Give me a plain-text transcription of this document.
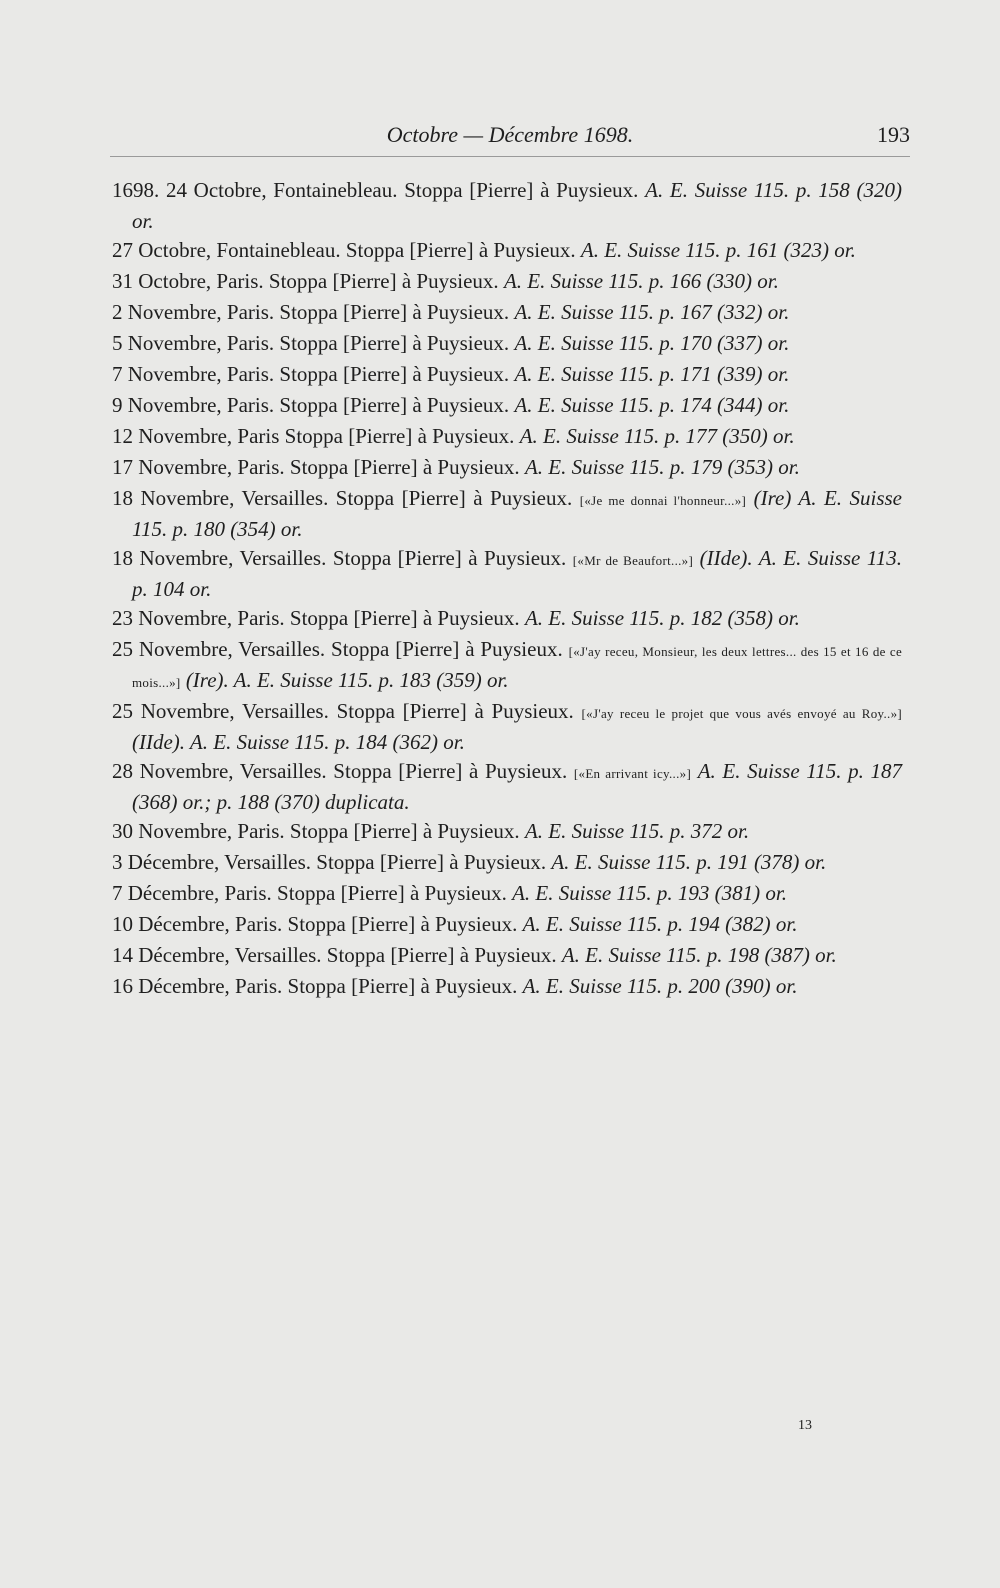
Octobre — Décembre 1698.	193

1698. 24 Octobre, Fontainebleau. Stoppa [Pierre] à Puysieux. A. E. Suisse 115. p. 158 (320) or.

27 Octobre, Fontainebleau. Stoppa [Pierre] à Puysieux. A. E. Suisse 115. p. 161 (323) or.

31 Octobre, Paris. Stoppa [Pierre] à Puysieux. A. E. Suisse 115. p. 166 (330) or.

2 Novembre, Paris. Stoppa [Pierre] à Puysieux. A. E. Suisse 115. p. 167 (332) or.

5 Novembre, Paris. Stoppa [Pierre] à Puysieux. A. E. Suisse 115. p. 170 (337) or.

7 Novembre, Paris. Stoppa [Pierre] à Puysieux. A. E. Suisse 115. p. 171 (339) or.

9 Novembre, Paris. Stoppa [Pierre] à Puysieux. A. E. Suisse 115. p. 174 (344) or.

12 Novembre, Paris Stoppa [Pierre] à Puysieux. A. E. Suisse 115. p. 177 (350) or.

17 Novembre, Paris. Stoppa [Pierre] à Puysieux. A. E. Suisse 115. p. 179 (353) or.

18 Novembre, Versailles. Stoppa [Pierre] à Puysieux. [«Je me donnai l'honneur...»] (Ire) A. E. Suisse 115. p. 180 (354) or.

18 Novembre, Versailles. Stoppa [Pierre] à Puysieux. [«Mr de Beaufort...»] (IIde). A. E. Suisse 113. p. 104 or.

23 Novembre, Paris. Stoppa [Pierre] à Puysieux. A. E. Suisse 115. p. 182 (358) or.

25 Novembre, Versailles. Stoppa [Pierre] à Puysieux. [«J'ay receu, Monsieur, les deux lettres... des 15 et 16 de ce mois...»] (Ire). A. E. Suisse 115. p. 183 (359) or.

25 Novembre, Versailles. Stoppa [Pierre] à Puysieux. [«J'ay receu le projet que vous avés envoyé au Roy..»] (IIde). A. E. Suisse 115. p. 184 (362) or.

28 Novembre, Versailles. Stoppa [Pierre] à Puysieux. [«En arrivant icy...»] A. E. Suisse 115. p. 187 (368) or.; p. 188 (370) duplicata.

30 Novembre, Paris. Stoppa [Pierre] à Puysieux. A. E. Suisse 115. p. 372 or.

3 Décembre, Versailles. Stoppa [Pierre] à Puysieux. A. E. Suisse 115. p. 191 (378) or.

7 Décembre, Paris. Stoppa [Pierre] à Puysieux. A. E. Suisse 115. p. 193 (381) or.

10 Décembre, Paris. Stoppa [Pierre] à Puysieux. A. E. Suisse 115. p. 194 (382) or.

14 Décembre, Versailles. Stoppa [Pierre] à Puysieux. A. E. Suisse 115. p. 198 (387) or.

16 Décembre, Paris. Stoppa [Pierre] à Puysieux. A. E. Suisse 115. p. 200 (390) or.

13
